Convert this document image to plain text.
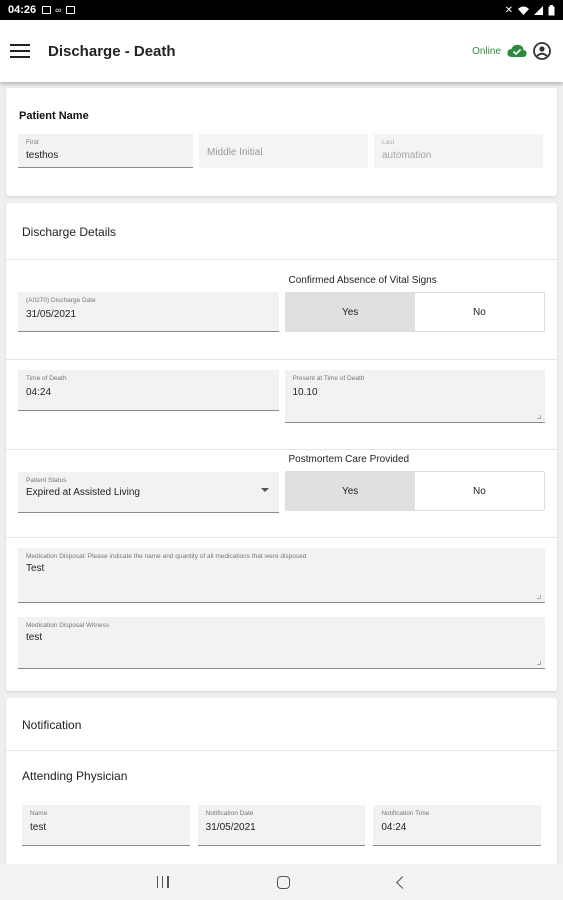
04:26 ∞	✕
Discharge - Death	Online
Patient Name
First
testhos	Middle Initial
Last
automation
Discharge Details
(A0270) Discharge Date
31/05/2021
Confirmed Absence of Vital Signs
Yes	No
Time of Death
04:24
Present at Time of Death
10.10
Patient Status
Expired at Assisted Living
Postmortem Care Provided
Yes	No
Medication Disposal: Please indicate the name and quantity of all medications that were disposed
Test
Medication Disposal Witness
test
Notification
Attending Physician
Name
test
Notification Date
31/05/2021
Notification Time
04:24
